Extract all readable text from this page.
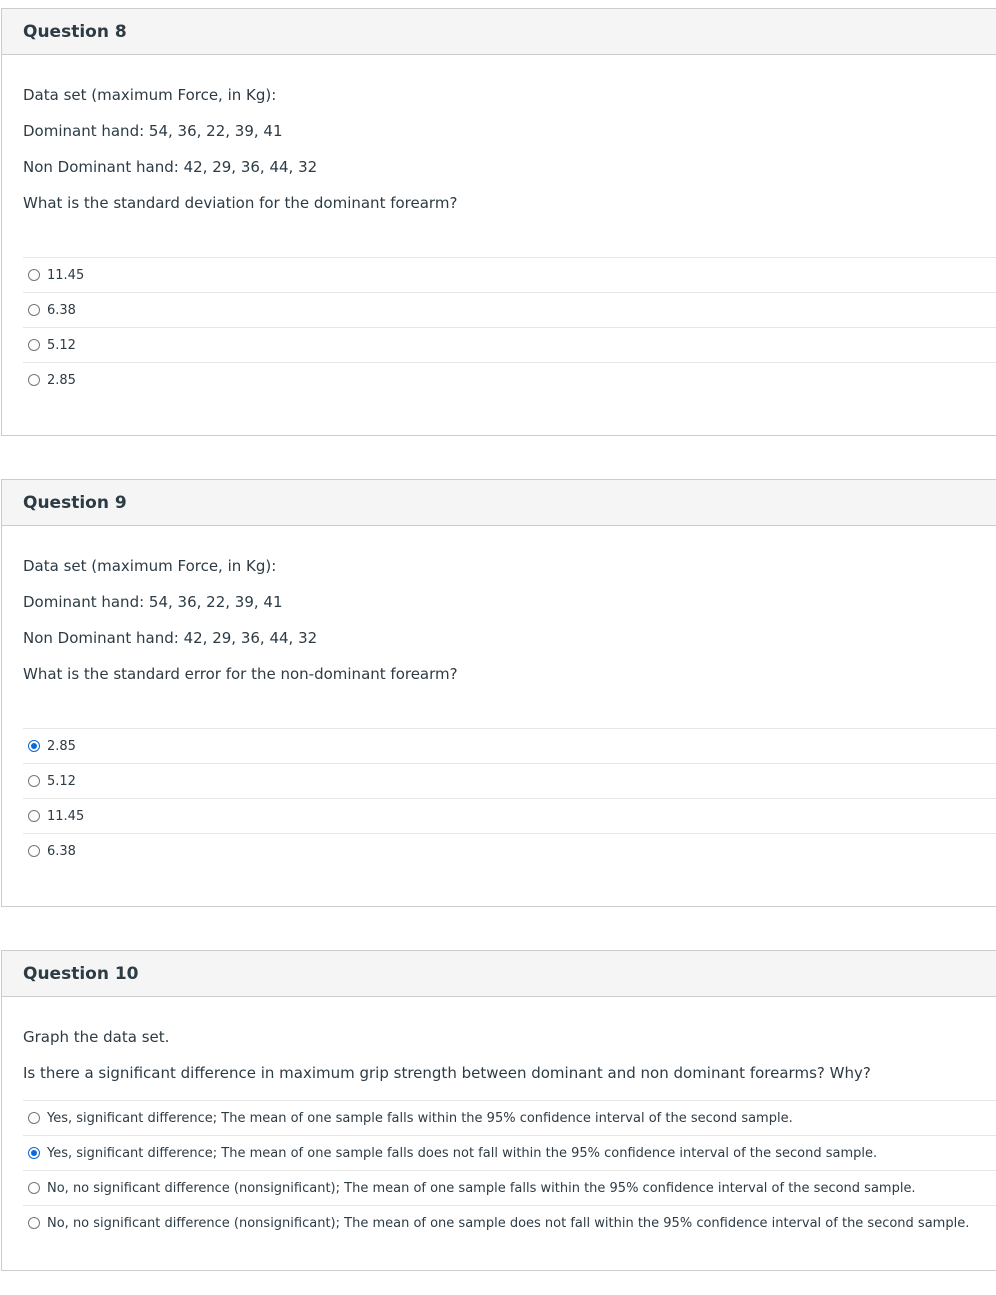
Question 8

Data set (maximum Force, in Kg):

Dominant hand: 54, 36, 22, 39, 41

Non Dominant hand: 42, 29, 36, 44, 32

What is the standard deviation for the dominant forearm?

11.45
6.38
5.12
2.85
Question 9

Data set (maximum Force, in Kg):

Dominant hand: 54, 36, 22, 39, 41

Non Dominant hand: 42, 29, 36, 44, 32

What is the standard error for the non-dominant forearm?

2.85
5.12
11.45
6.38
Question 10

Graph the data set.

Is there a significant difference in maximum grip strength between dominant and non dominant forearms? Why?

Yes, significant difference; The mean of one sample falls within the 95% confidence interval of the second sample.
Yes, significant difference; The mean of one sample falls does not fall within the 95% confidence interval of the second sample.
No, no significant difference (nonsignificant); The mean of one sample falls within the 95% confidence interval of the second sample.
No, no significant difference (nonsignificant); The mean of one sample does not fall within the 95% confidence interval of the second sample.
